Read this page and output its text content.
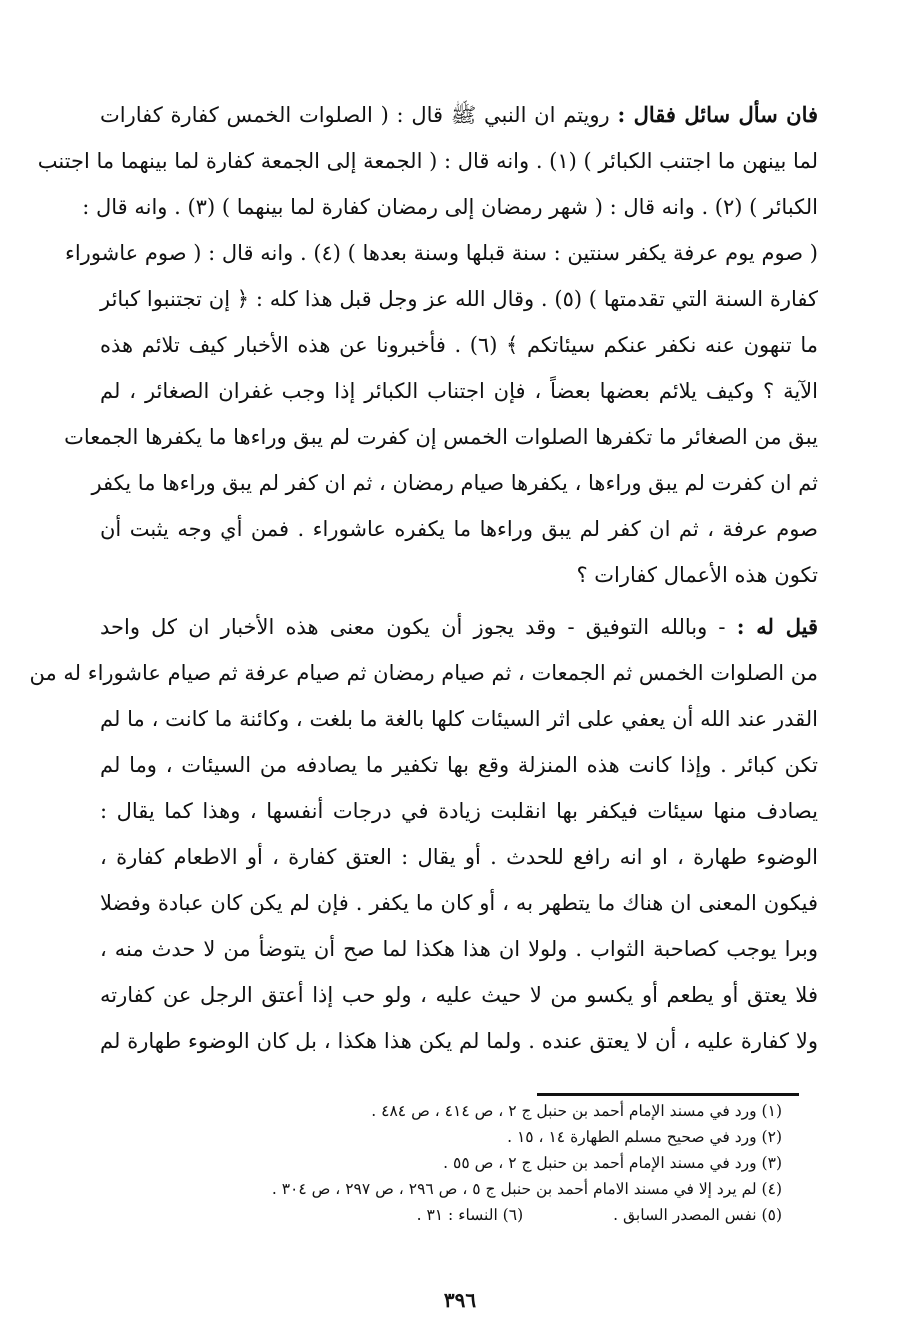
فان سأل سائل فقال : رويتم ان النبي ﷺ قال : ( الصلوات الخمس كفارة كفارات
لما بينهن ما اجتنب الكبائر ) (١) . وانه قال : ( الجمعة إلى الجمعة كفارة لما بينهما ما اجتنب
الكبائر ) (٢) . وانه قال : ( شهر رمضان إلى رمضان كفارة لما بينهما ) (٣) . وانه قال :
( صوم يوم عرفة يكفر سنتين : سنة قبلها وسنة بعدها ) (٤) . وانه قال : ( صوم عاشوراء
كفارة السنة التي تقدمتها ) (٥) . وقال الله عز وجل قبل هذا كله : ﴿ إن تجتنبوا كبائر
ما تنهون عنه نكفر عنكم سيئاتكم ﴾ (٦) . فأخبرونا عن هذه الأخبار كيف تلائم هذه
الآية ؟ وكيف يلائم بعضها بعضاً ، فإن اجتناب الكبائر إذا وجب غفران الصغائر ، لم
يبق من الصغائر ما تكفرها الصلوات الخمس إن كفرت لم يبق وراءها ما يكفرها الجمعات
ثم ان كفرت لم يبق وراءها ، يكفرها صيام رمضان ، ثم ان كفر لم يبق وراءها ما يكفر
صوم عرفة ، ثم ان كفر لم يبق وراءها ما يكفره عاشوراء . فمن أي وجه يثبت أن
تكون هذه الأعمال كفارات ؟
قيل له : - وبالله التوفيق - وقد يجوز أن يكون معنى هذه الأخبار ان كل واحد
من الصلوات الخمس ثم الجمعات ، ثم صيام رمضان ثم صيام عرفة ثم صيام عاشوراء له من
القدر عند الله أن يعفي على اثر السيئات كلها بالغة ما بلغت ، وكائنة ما كانت ، ما لم
تكن كبائر . وإذا كانت هذه المنزلة وقع بها تكفير ما يصادفه من السيئات ، وما لم
يصادف منها سيئات فيكفر بها انقلبت زيادة في درجات أنفسها ، وهذا كما يقال :
الوضوء طهارة ، او انه رافع للحدث . أو يقال : العتق كفارة ، أو الاطعام كفارة ،
فيكون المعنى ان هناك ما يتطهر به ، أو كان ما يكفر . فإن لم يكن كان عبادة وفضلا
وبرا يوجب كصاحبة الثواب . ولولا ان هذا هكذا لما صح أن يتوضأ من لا حدث منه ،
فلا يعتق أو يطعم أو يكسو من لا حيث عليه ، ولو حب إذا أعتق الرجل عن كفارته
ولا كفارة عليه ، أن لا يعتق عنده . ولما لم يكن هذا هكذا ، بل كان الوضوء طهارة لم
(١) ورد في مسند الإمام أحمد بن حنبل ج ٢ ، ص ٤١٤ ، ص ٤٨٤ .
(٢) ورد في صحيح مسلم الطهارة ١٤ ، ١٥ .
(٣) ورد في مسند الإمام أحمد بن حنبل ج ٢ ، ص ٥٥ .
(٤) لم يرد إلا في مسند الامام أحمد بن حنبل ج ٥ ، ص ٢٩٦ ، ص ٢٩٧ ، ص ٣٠٤ .
(٥) نفس المصدر السابق .(٦) النساء : ٣١ .
٣٩٦
